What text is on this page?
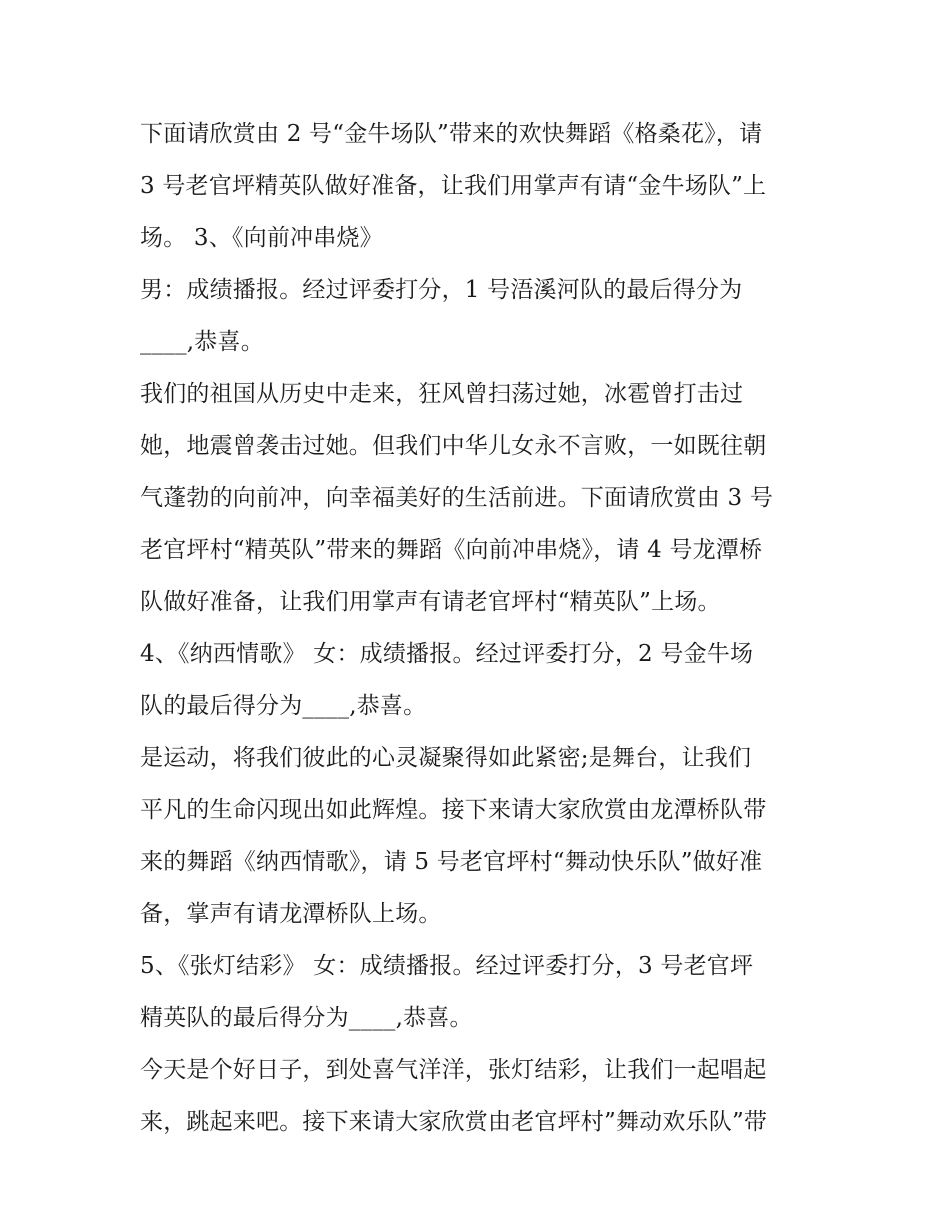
下面请欣赏由 2 号“金牛场队”带来的欢快舞蹈《格桑花》，请
3 号老官坪精英队做好准备，让我们用掌声有请“金牛场队”上
场。 3、《向前冲串烧》
男：成绩播报。经过评委打分，1 号浯溪河队的最后得分为
____,恭喜。
我们的祖国从历史中走来，狂风曾扫荡过她，冰雹曾打击过
她，地震曾袭击过她。但我们中华儿女永不言败，一如既往朝
气蓬勃的向前冲，向幸福美好的生活前进。下面请欣赏由 3 号
老官坪村“精英队”带来的舞蹈《向前冲串烧》，请 4 号龙潭桥
队做好准备，让我们用掌声有请老官坪村“精英队”上场。
4、《纳西情歌》 女：成绩播报。经过评委打分，2 号金牛场
队的最后得分为____,恭喜。
是运动，将我们彼此的心灵凝聚得如此紧密;是舞台，让我们
平凡的生命闪现出如此辉煌。接下来请大家欣赏由龙潭桥队带
来的舞蹈《纳西情歌》，请 5 号老官坪村“舞动快乐队”做好准
备，掌声有请龙潭桥队上场。
5、《张灯结彩》 女：成绩播报。经过评委打分，3 号老官坪
精英队的最后得分为____,恭喜。
今天是个好日子，到处喜气洋洋，张灯结彩，让我们一起唱起
来，跳起来吧。接下来请大家欣赏由老官坪村”舞动欢乐队”带
